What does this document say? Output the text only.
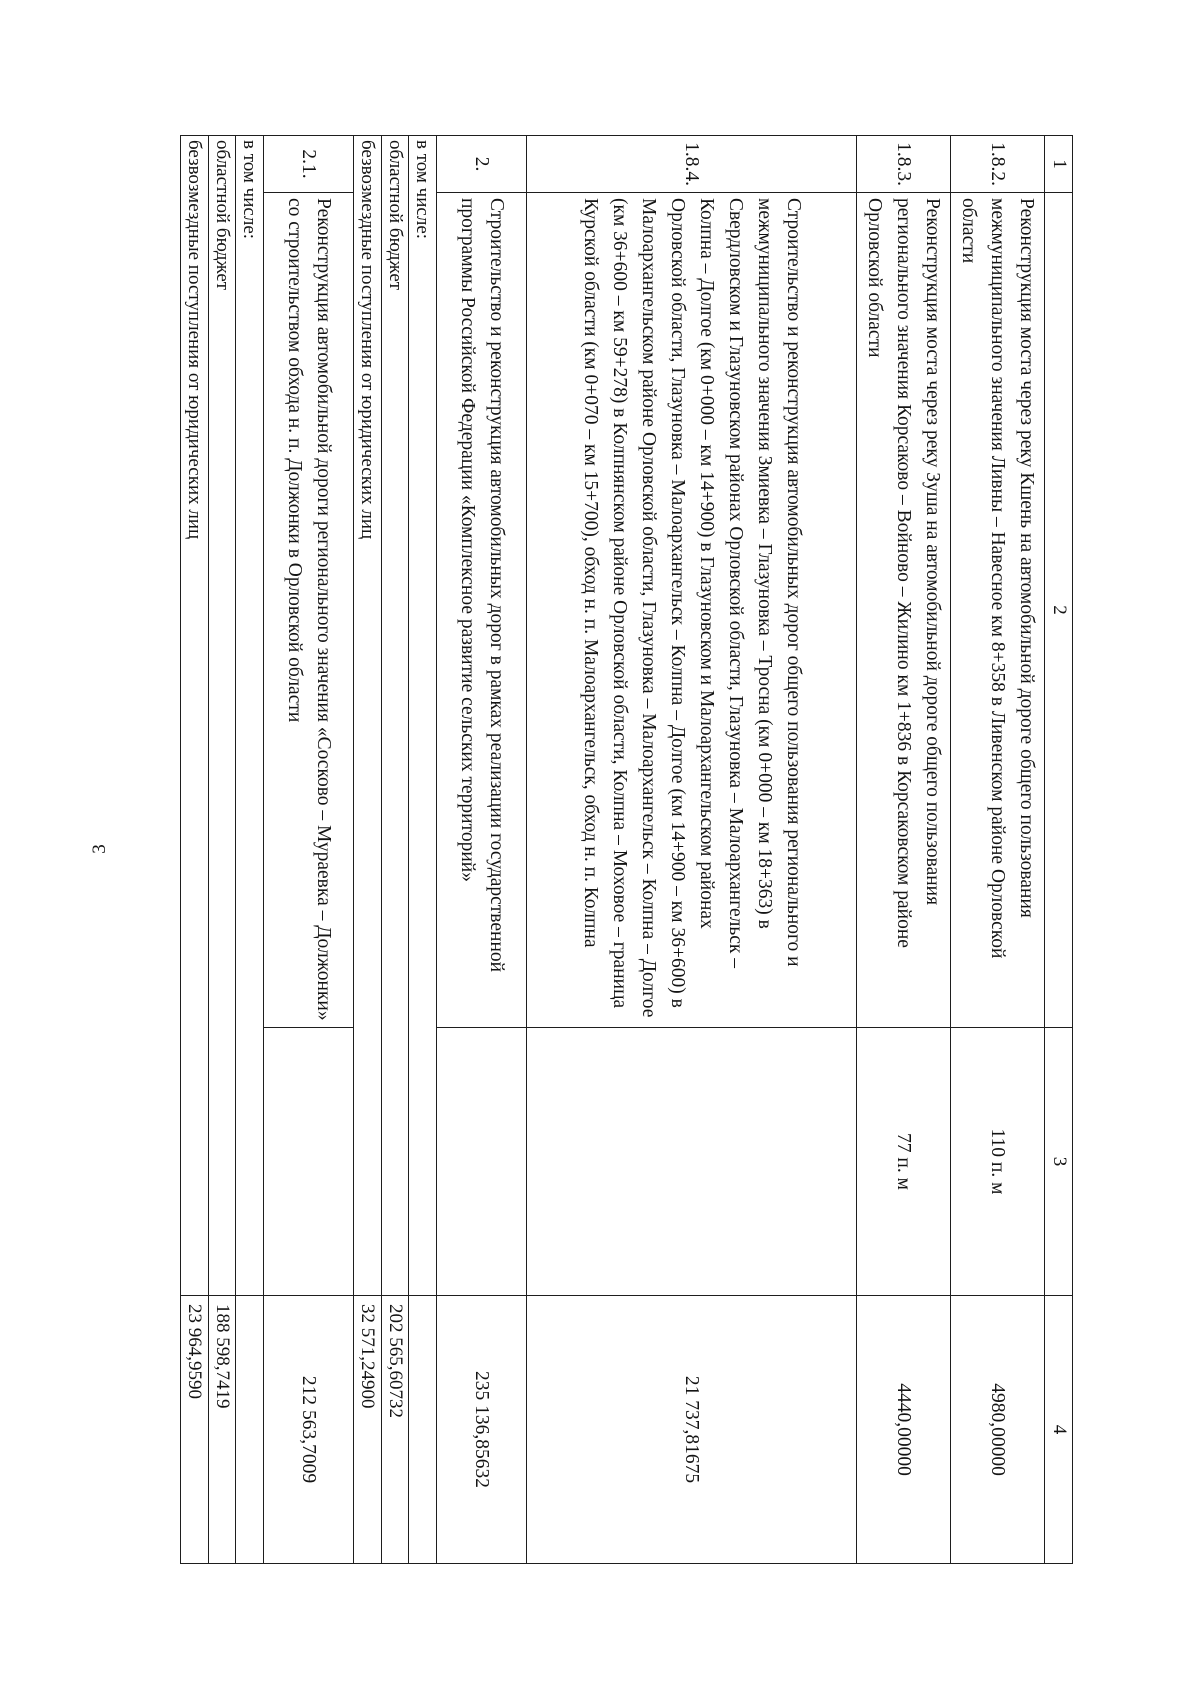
3
1	2	3	4
1.8.2.	Реконструкция моста через реку Кшень на автомобильной дороге общего пользования межмуниципального значения Ливны – Навесное км 8+358 в Ливенском районе Орловской области	110 п. м	4980,00000
1.8.3.	Реконструкция моста через реку Зуша на автомобильной дороге общего пользования регионального значения Корсаково – Войново – Жилино км 1+836 в Корсаковском районе Орловской области	77 п. м	4440,00000
1.8.4.	Строительство и реконструкция автомобильных дорог общего пользования регионального и межмуниципального значения Змиевка – Глазуновка – Тросна (км 0+000 – км 18+363) в Свердловском и Глазуновском районах Орловской области, Глазуновка – Малоархангельск – Колпна – Долгое (км 0+000 – км 14+900) в Глазуновском и Малоархангельском районах Орловской области, Глазуновка – Малоархангельск – Колпна – Долгое (км 14+900 – км 36+600) в Малоархангельском районе Орловской области, Глазуновка – Малоархангельск – Колпна – Долгое (км 36+600 – км 59+278) в Колпнянском районе Орловской области, Колпна – Моховое – граница Курской области (км 0+070 – км 15+700), обход н. п. Малоархангельск, обход н. п. Колпна		21 737,81675
2.	Строительство и реконструкция автомобильных дорог в рамках реализации государственной программы Российской Федерации «Комплексное развитие сельских территорий»		235 136,85632
в том числе:			
областной бюджет			202 565,60732
безвозмездные поступления от юридических лиц			32 571,24900
2.1.	Реконструкция автомобильной дороги регионального значения «Сосково – Мураевка – Должонки» со строительством обхода н. п. Должонки в Орловской области		212 563,7009
в том числе:			
областной бюджет			188 598,7419
безвозмездные поступления от юридических лиц			23 964,9590
